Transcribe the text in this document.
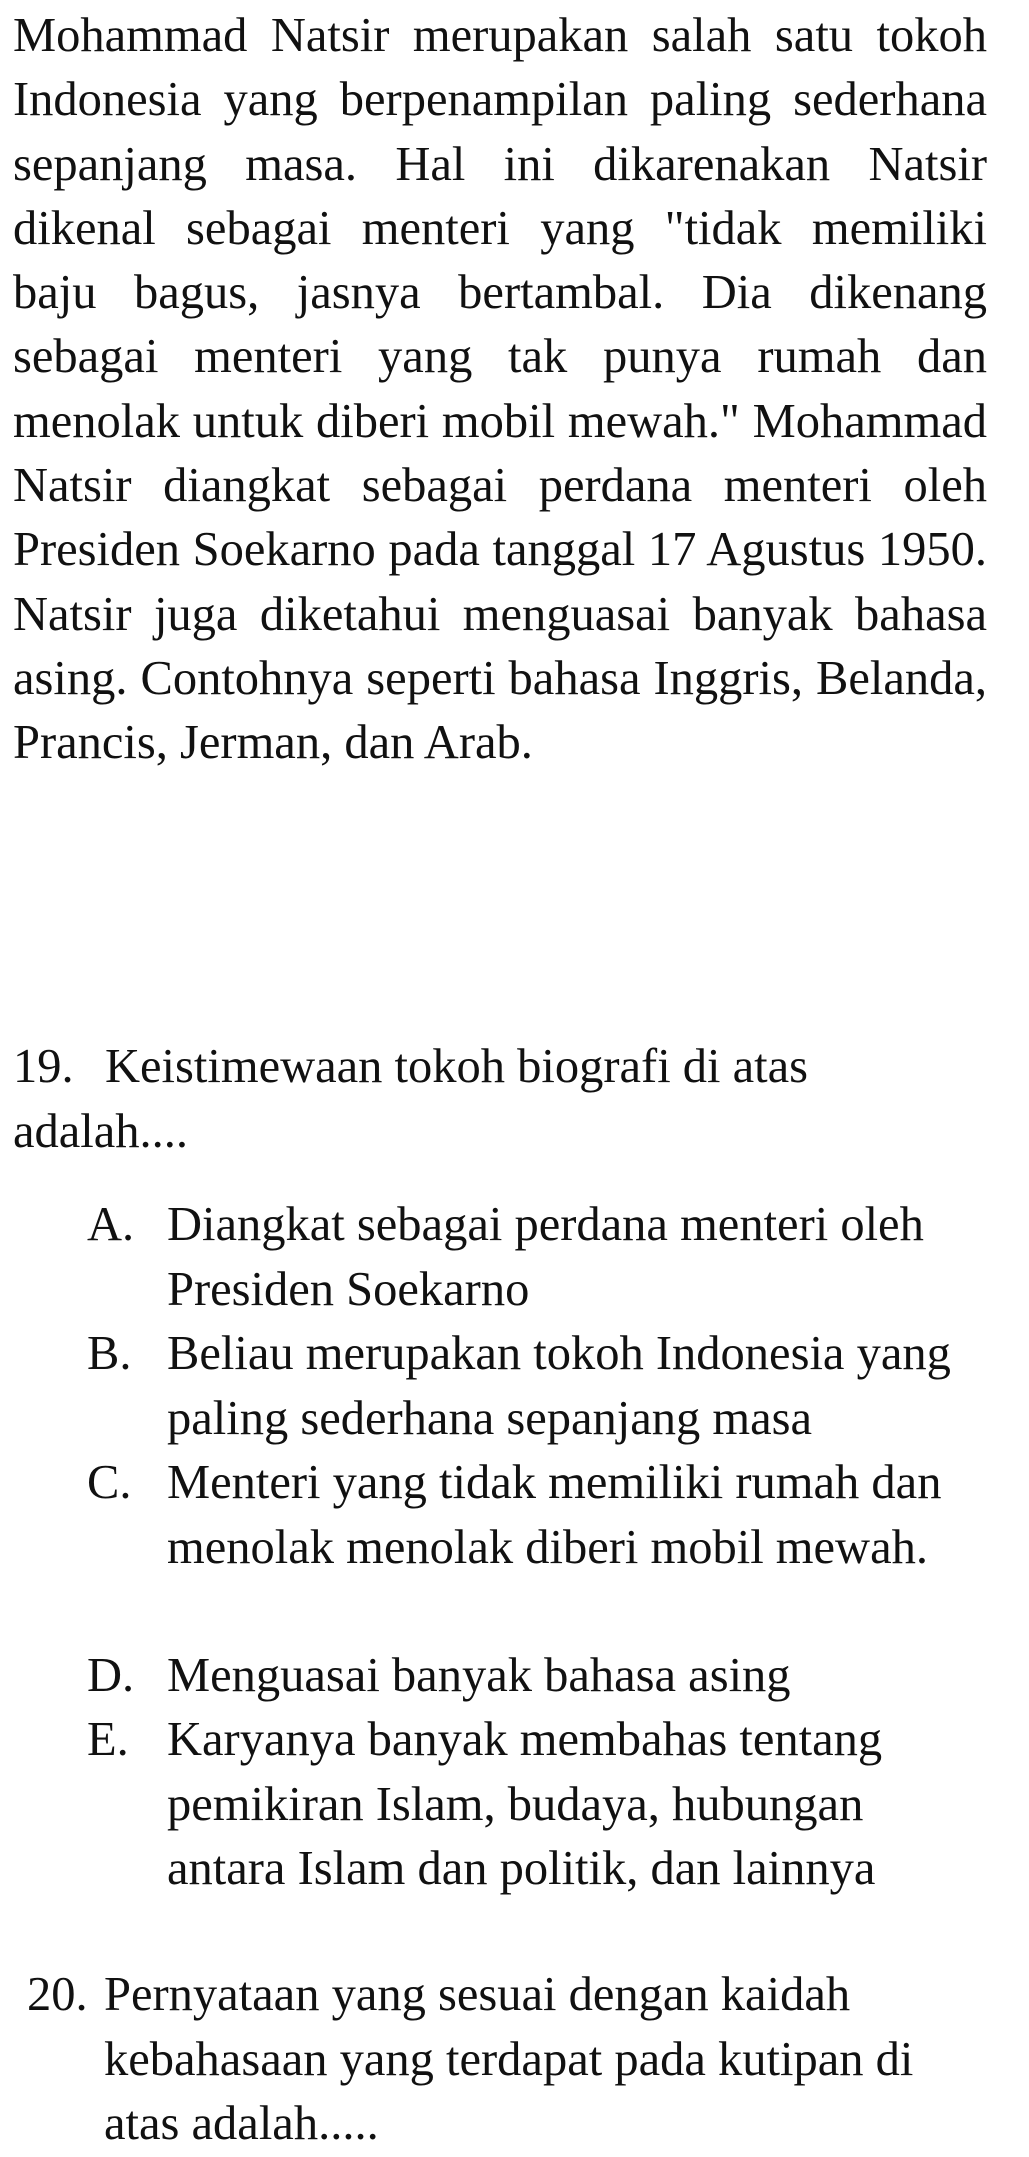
Mohammad Natsir merupakan salah satu tokoh Indonesia yang berpenampilan paling sederhana sepanjang masa. Hal ini dikarenakan Natsir dikenal sebagai menteri yang "tidak memiliki baju bagus, jasnya bertambal. Dia dikenang sebagai menteri yang tak punya rumah dan menolak untuk diberi mobil mewah." Mohammad Natsir diangkat sebagai perdana menteri oleh Presiden Soekarno pada tanggal 17 Agustus 1950. Natsir juga diketahui menguasai banyak bahasa asing. Contohnya seperti bahasa Inggris, Belanda, Prancis, Jerman, dan Arab.

19. Keistimewaan tokoh biografi di atas adalah....
A. Diangkat sebagai perdana menteri oleh Presiden Soekarno
B. Beliau merupakan tokoh Indonesia yang paling sederhana sepanjang masa
C. Menteri yang tidak memiliki rumah dan menolak menolak diberi mobil mewah.
D. Menguasai banyak bahasa asing
E. Karyanya banyak membahas tentang pemikiran Islam, budaya, hubungan antara Islam dan politik, dan lainnya
20. Pernyataan yang sesuai dengan kaidah kebahasaan yang terdapat pada kutipan di atas adalah.....
